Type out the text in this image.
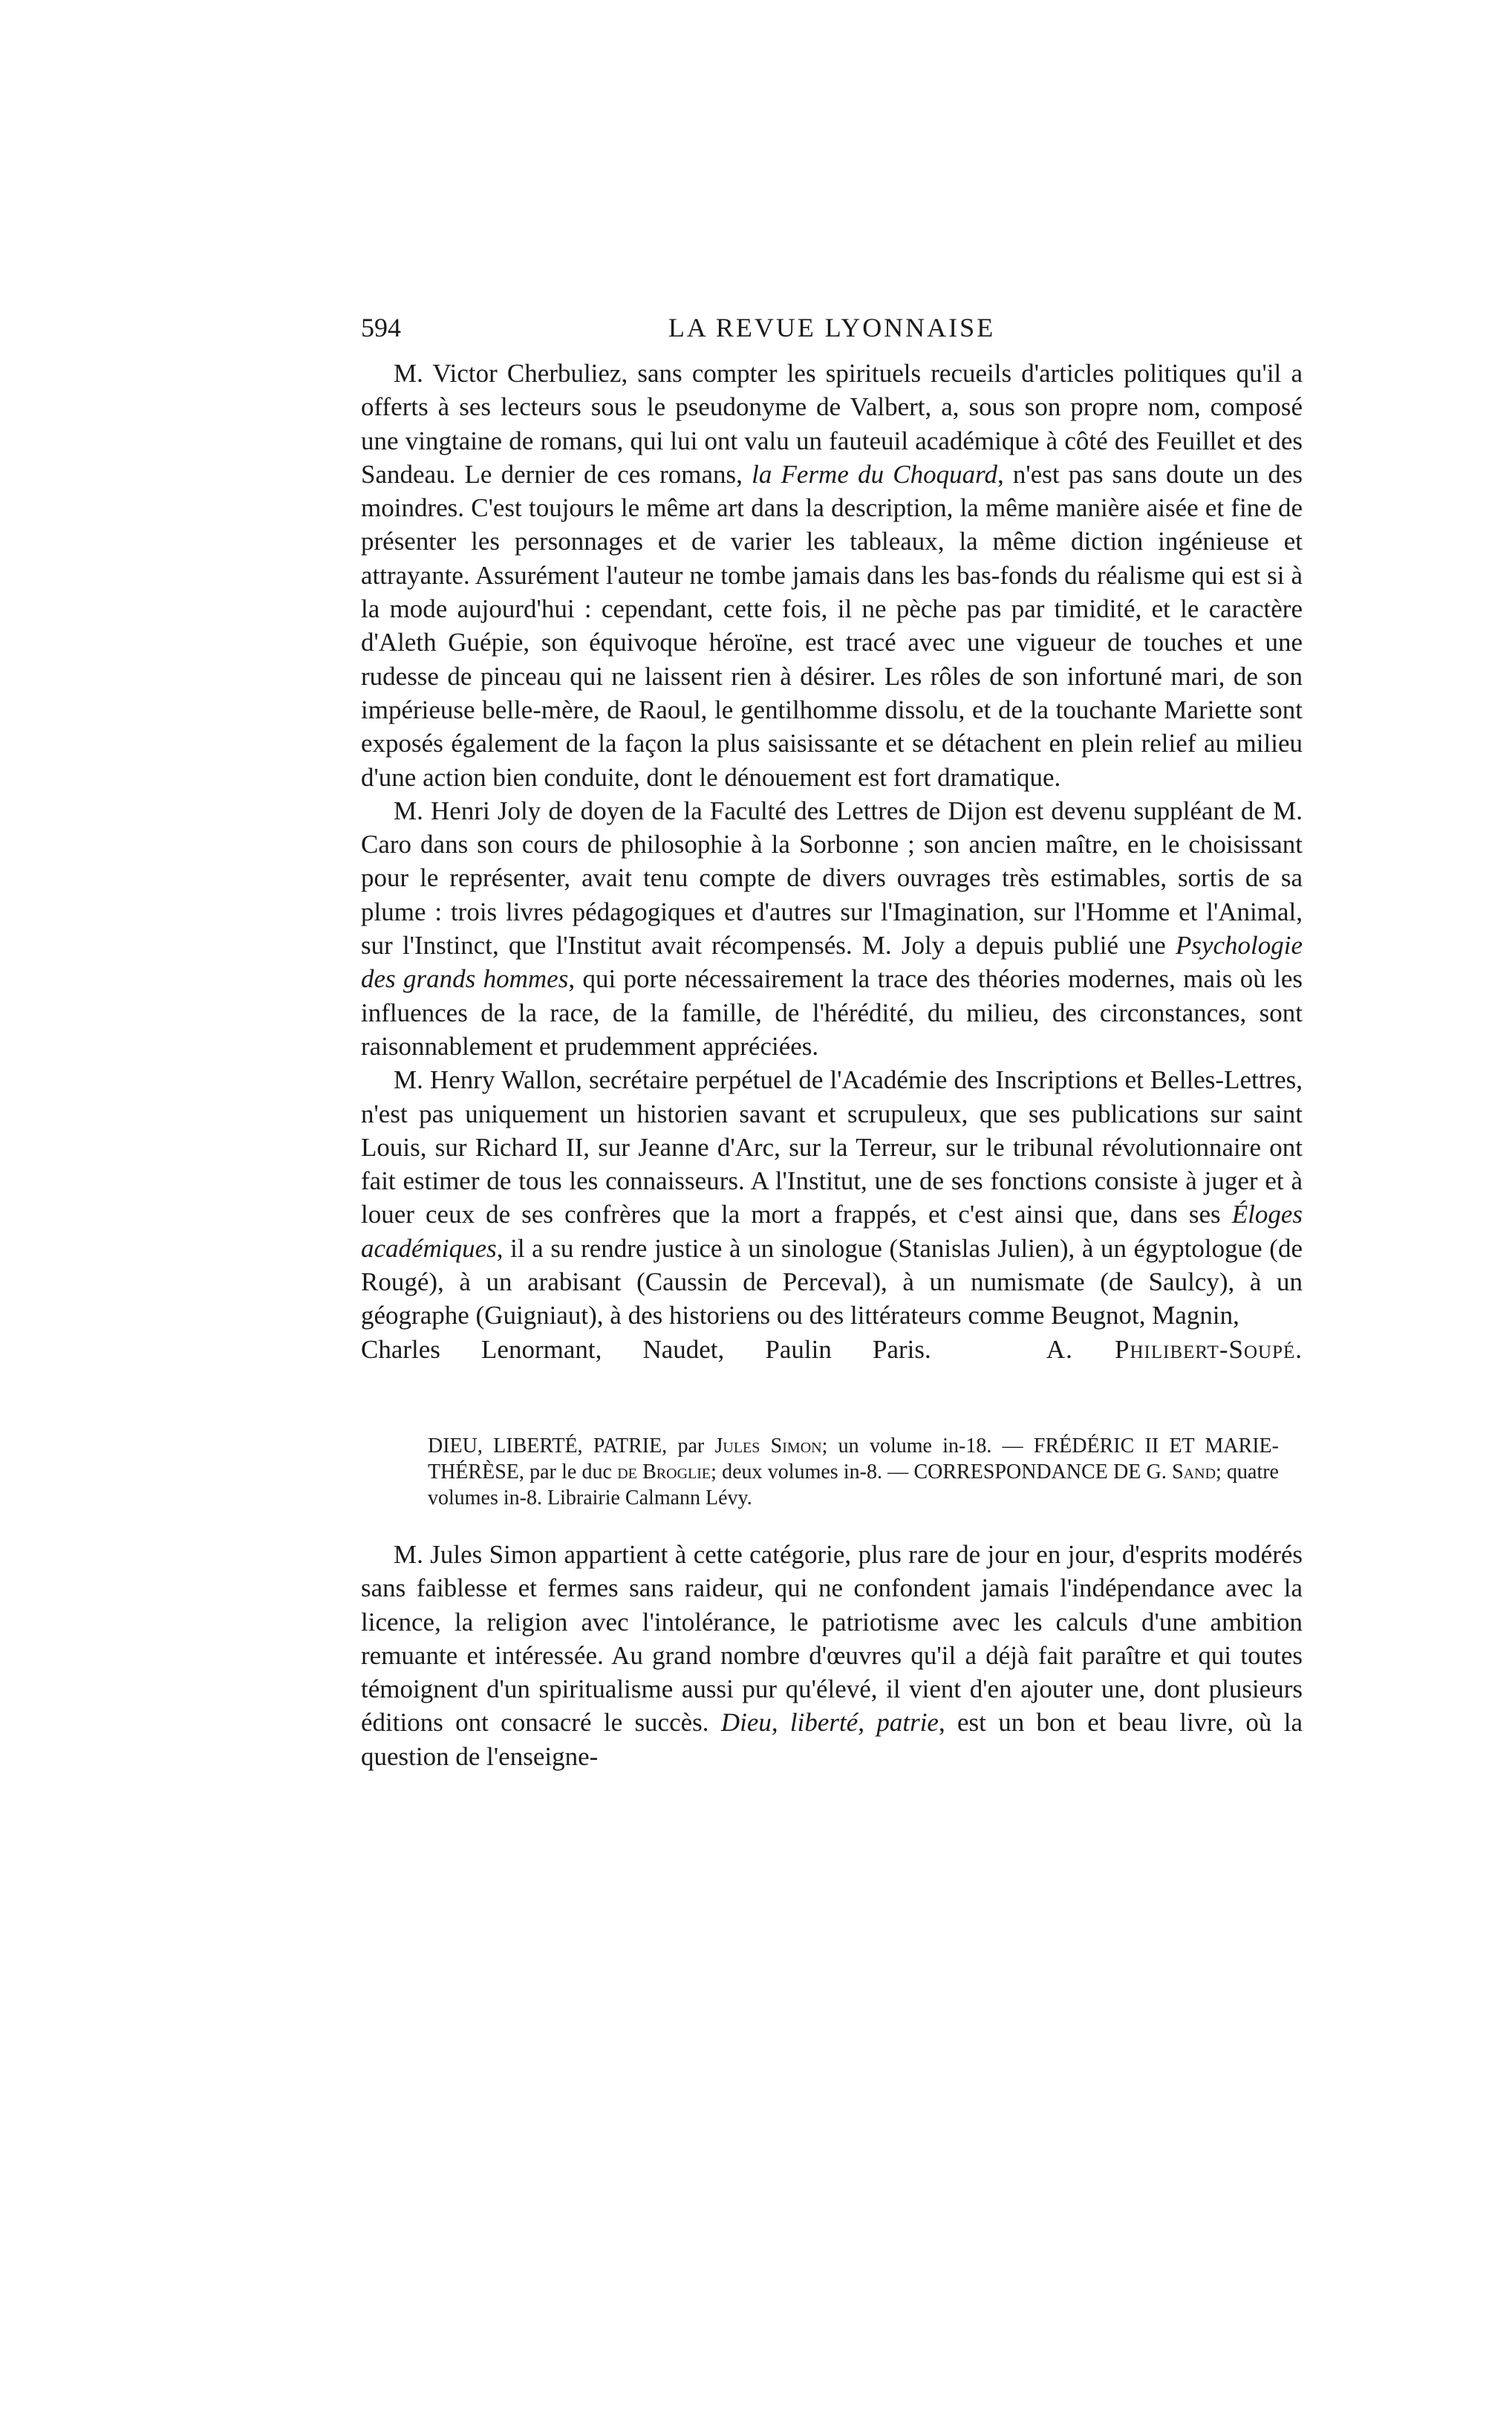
594	LA REVUE LYONNAISE

M. Victor Cherbuliez, sans compter les spirituels recueils d'articles politiques qu'il a offerts à ses lecteurs sous le pseudonyme de Valbert, a, sous son propre nom, composé une vingtaine de romans, qui lui ont valu un fauteuil académique à côté des Feuillet et des Sandeau. Le dernier de ces romans, la Ferme du Choquard, n'est pas sans doute un des moindres. C'est toujours le même art dans la description, la même manière aisée et fine de présenter les personnages et de varier les tableaux, la même diction ingénieuse et attrayante. Assurément l'auteur ne tombe jamais dans les bas-fonds du réalisme qui est si à la mode aujourd'hui : cependant, cette fois, il ne pèche pas par timidité, et le caractère d'Aleth Guépie, son équivoque héroïne, est tracé avec une vigueur de touches et une rudesse de pinceau qui ne laissent rien à désirer. Les rôles de son infortuné mari, de son impérieuse belle-mère, de Raoul, le gentilhomme dissolu, et de la touchante Mariette sont exposés également de la façon la plus saisissante et se détachent en plein relief au milieu d'une action bien conduite, dont le dénouement est fort dramatique.

M. Henri Joly de doyen de la Faculté des Lettres de Dijon est devenu suppléant de M. Caro dans son cours de philosophie à la Sorbonne ; son ancien maître, en le choisissant pour le représenter, avait tenu compte de divers ouvrages très estimables, sortis de sa plume : trois livres pédagogiques et d'autres sur l'Imagination, sur l'Homme et l'Animal, sur l'Instinct, que l'Institut avait récompensés. M. Joly a depuis publié une Psychologie des grands hommes, qui porte nécessairement la trace des théories modernes, mais où les influences de la race, de la famille, de l'hérédité, du milieu, des circonstances, sont raisonnablement et prudemment appréciées.

M. Henry Wallon, secrétaire perpétuel de l'Académie des Inscriptions et Belles-Lettres, n'est pas uniquement un historien savant et scrupuleux, que ses publications sur saint Louis, sur Richard II, sur Jeanne d'Arc, sur la Terreur, sur le tribunal révolutionnaire ont fait estimer de tous les connaisseurs. A l'Institut, une de ses fonctions consiste à juger et à louer ceux de ses confrères que la mort a frappés, et c'est ainsi que, dans ses Éloges académiques, il a su rendre justice à un sinologue (Stanislas Julien), à un égyptologue (de Rougé), à un arabisant (Caussin de Perceval), à un numismate (de Saulcy), à un géographe (Guigniaut), à des historiens ou des littérateurs comme Beugnot, Magnin,

Charles Lenormant, Naudet, Paulin Paris.	A. Philibert-Soupé.
DIEU, LIBERTÉ, PATRIE, par Jules Simon; un volume in-18. — FRÉDÉRIC II ET MARIE-THÉRÈSE, par le duc de Broglie; deux volumes in-8. — CORRESPONDANCE DE G. Sand; quatre volumes in-8. Librairie Calmann Lévy.

M. Jules Simon appartient à cette catégorie, plus rare de jour en jour, d'esprits modérés sans faiblesse et fermes sans raideur, qui ne confondent jamais l'indépendance avec la licence, la religion avec l'intolérance, le patriotisme avec les calculs d'une ambition remuante et intéressée. Au grand nombre d'œuvres qu'il a déjà fait paraître et qui toutes témoignent d'un spiritualisme aussi pur qu'élevé, il vient d'en ajouter une, dont plusieurs éditions ont consacré le succès. Dieu, liberté, patrie, est un bon et beau livre, où la question de l'enseigne-
